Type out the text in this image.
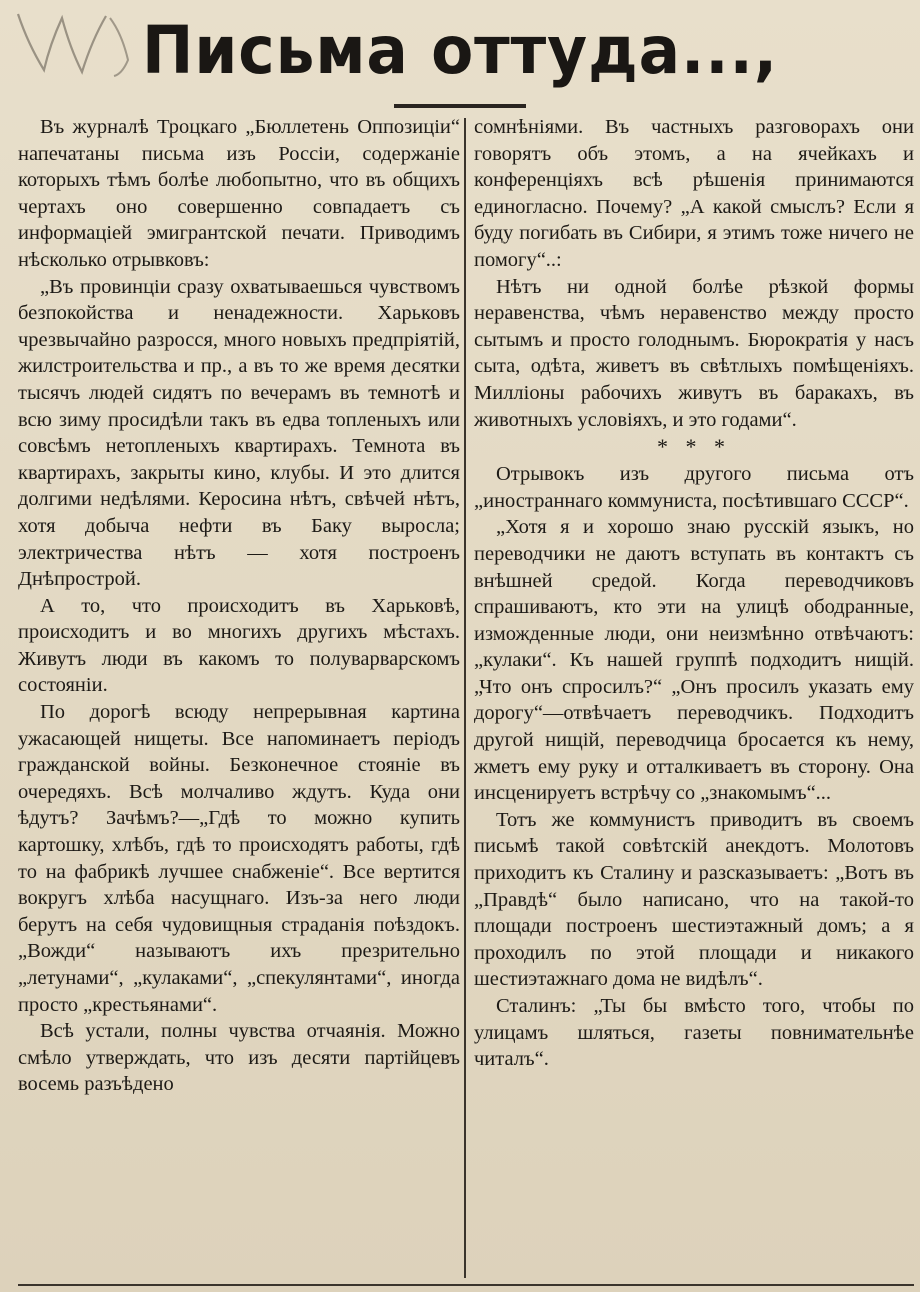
Письма оттуда...,

Въ журналѣ Троцкаго „Бюллетень Оппозиціи“ напечатаны письма изъ Россіи, содержаніе которыхъ тѣмъ болѣе любопытно, что въ общихъ чертахъ оно совершенно совпадаетъ съ информаціей эмигрантской печати. Приводимъ нѣсколько отрывковъ:

„Въ провинціи сразу охватываешься чувствомъ безпокойства и ненадежности. Харьковъ чрезвычайно разросся, много новыхъ предпріятій, жилстроительства и пр., а въ то же время десятки тысячъ людей сидятъ по вечерамъ въ темнотѣ и всю зиму просидѣли такъ въ едва топленыхъ или совсѣмъ нетопленыхъ квартирахъ. Темнота въ квартирахъ, закрыты кино, клубы. И это длится долгими недѣлями. Керосина нѣтъ, свѣчей нѣтъ, хотя добыча нефти въ Баку выросла; электричества нѣтъ — хотя построенъ Днѣпрострой.

А то, что происходитъ въ Харьковѣ, происходитъ и во многихъ другихъ мѣстахъ. Живутъ люди въ какомъ то полуварварскомъ состояніи.

По дорогѣ всюду непрерывная картина ужасающей нищеты. Все напоминаетъ періодъ гражданской войны. Безконечное стояніе въ очередяхъ. Всѣ молчаливо ждутъ. Куда они ѣдутъ? Зачѣмъ?—„Гдѣ то можно купить картошку, хлѣбъ, гдѣ то происходятъ работы, гдѣ то на фабрикѣ лучшее снабженіе“. Все вертится вокругъ хлѣба насущнаго. Изъ-за него люди берутъ на себя чудовищныя страданія поѣздокъ. „Вожди“ называютъ ихъ презрительно „летунами“, „кулаками“, „спекулянтами“, иногда просто „крестьянами“.

Всѣ устали, полны чувства отчаянія. Можно смѣло утверждать, что изъ десяти партійцевъ восемь разъѣдено

сомнѣніями. Въ частныхъ разговорахъ они говорятъ объ этомъ, а на ячейкахъ и конференціяхъ всѣ рѣшенія принимаются единогласно. Почему? „А какой смыслъ? Если я буду погибать въ Сибири, я этимъ тоже ничего не помогу“..:

Нѣтъ ни одной болѣе рѣзкой формы неравенства, чѣмъ неравенство между просто сытымъ и просто голоднымъ. Бюрократія у насъ сыта, одѣта, живетъ въ свѣтлыхъ помѣщеніяхъ. Милліоны рабочихъ живутъ въ баракахъ, въ животныхъ условіяхъ, и это годами“.

* * *

Отрывокъ изъ другого письма отъ „иностраннаго коммуниста, посѣтившаго СССР“.

„Хотя я и хорошо знаю русскій языкъ, но переводчики не даютъ вступать въ контактъ съ внѣшней средой. Когда переводчиковъ спрашиваютъ, кто эти на улицѣ ободранные, изможденные люди, они неизмѣнно отвѣчаютъ: „кулаки“. Къ нашей группѣ подходитъ нищій. „Что онъ спросилъ?“ „Онъ просилъ указать ему дорогу“—отвѣчаетъ переводчикъ. Подходитъ другой нищій, переводчица бросается къ нему, жметъ ему руку и отталкиваетъ въ сторону. Она инсценируетъ встрѣчу со „знакомымъ“...

Тотъ же коммунистъ приводитъ въ своемъ письмѣ такой совѣтскій анекдотъ. Молотовъ приходитъ къ Сталину и разсказываетъ: „Вотъ въ „Правдѣ“ было написано, что на такой-то площади построенъ шестиэтажный домъ; а я проходилъ по этой площади и никакого шестиэтажнаго дома не видѣлъ“.

Сталинъ: „Ты бы вмѣсто того, чтобы по улицамъ шляться, газеты повнимательнѣе читалъ“.
